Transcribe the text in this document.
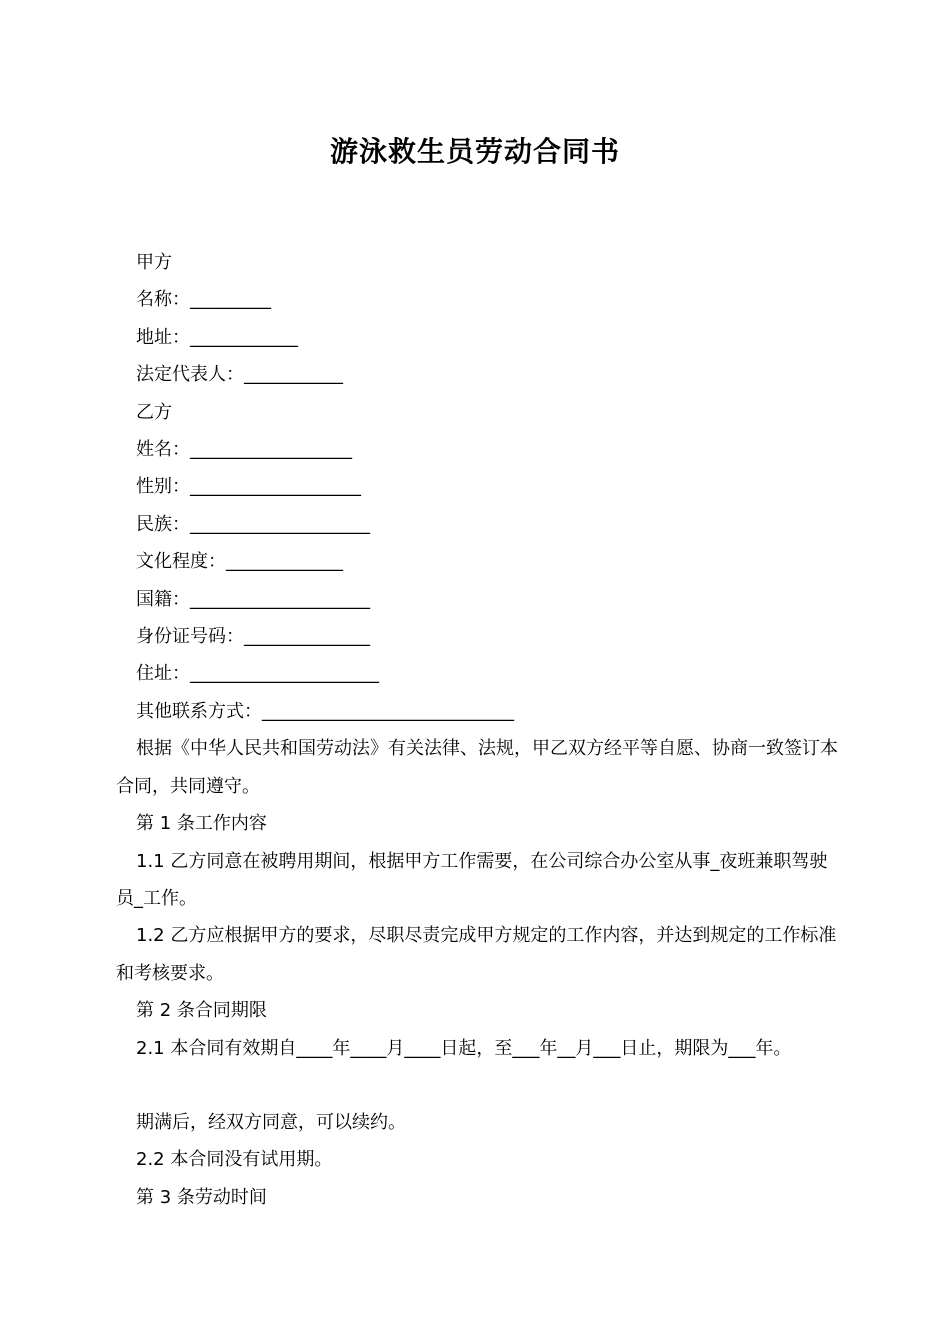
游泳救生员劳动合同书

甲方

名称：_________

地址：____________

法定代表人：___________

乙方

姓名：__________________

性别：___________________

民族：____________________

文化程度：_____________

国籍：____________________

身份证号码：______________

住址：_____________________

其他联系方式：____________________________

根据《中华人民共和国劳动法》有关法律、法规，甲乙双方经平等自愿、协商一致签订本合同，共同遵守。

第 1 条工作内容

1.1 乙方同意在被聘用期间，根据甲方工作需要，在公司综合办公室从事_夜班兼职驾驶员_工作。

1.2 乙方应根据甲方的要求，尽职尽责完成甲方规定的工作内容，并达到规定的工作标准和考核要求。

第 2 条合同期限

2.1 本合同有效期自____年____月____日起，至___年__月___日止，期限为___年。

期满后，经双方同意，可以续约。

2.2 本合同没有试用期。

第 3 条劳动时间
